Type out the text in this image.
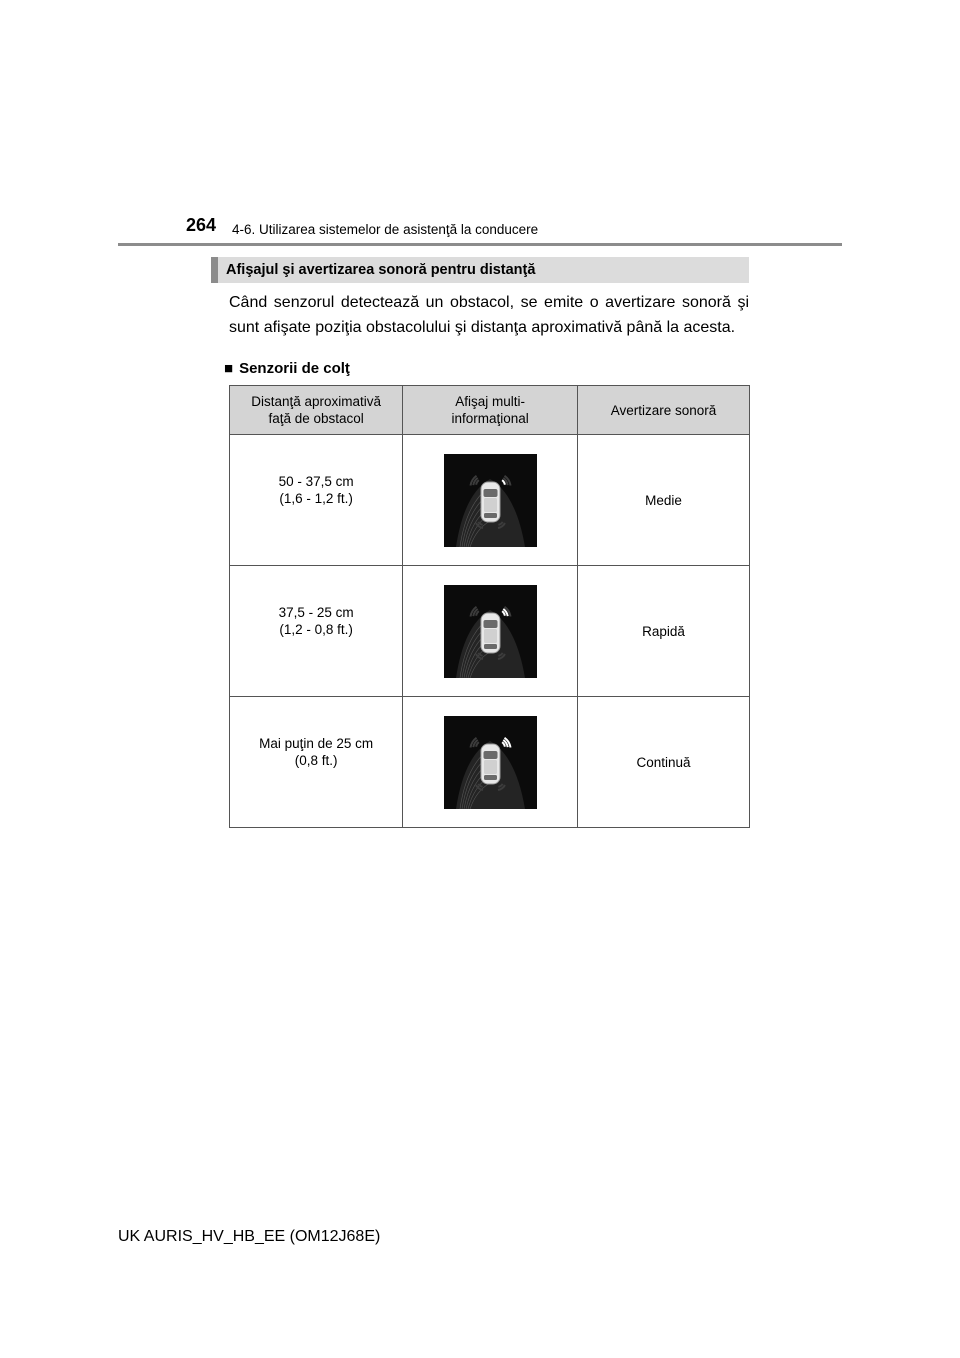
264 4-6. Utilizarea sistemelor de asistenţă la conducere
Afişajul şi avertizarea sonoră pentru distanţă
Când senzorul detectează un obstacol, se emite o avertizare sonoră şi sunt afişate poziţia obstacolului şi distanţa aproximativă până la acesta.
■ Senzorii de colţ
Distanţă aproximativă faţă de obstacol	Afişaj multi-informaţional	Avertizare sonoră

50 - 37,5 cm
(1,6 - 1,2 ft.)		Medie

37,5 - 25 cm
(1,2 - 0,8 ft.)		Rapidă

Mai puţin de 25 cm
(0,8 ft.)		Continuă
UK AURIS_HV_HB_EE (OM12J68E)
